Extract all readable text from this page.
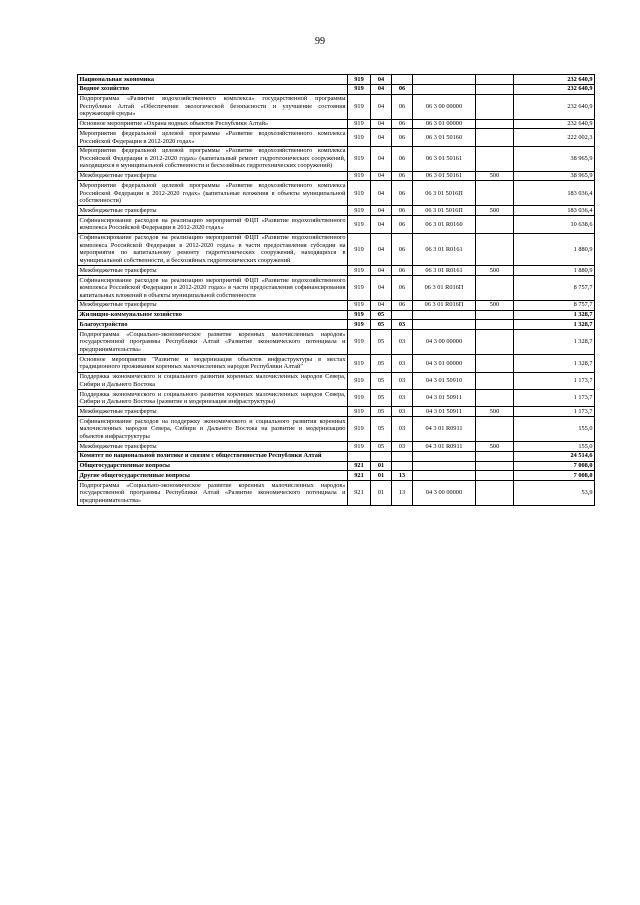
99
Национальная экономика	919	04				232 640,9
Водное хозяйство	919	04	06			232 640,9
Подпрограмма «Развитие водохозяйственного комплекса» государственной программы Республики Алтай «Обеспечение экологической безопасности и улучшение состояния окружающей среды»	919	04	06	06 3 00 00000		232 640,9
Основное мероприятие «Охрана водных объектов Республики Алтай»	919	04	06	06 3 01 00000		232 640,9
Мероприятия федеральной целевой программы «Развитие водохозяйственного комплекса Российской Федерации в 2012-2020 годах»	919	04	06	06 3 01 50160		222 002,3
Мероприятия федеральной целевой программы «Развитие водохозяйственного комплекса Российской Федерации в 2012-2020 годах» (капитальный ремонт гидротехнических сооружений, находящихся в муниципальной собственности и бесхозяйных гидротехнических сооружений)	919	04	06	06 3 01 50161		38 965,9
Межбюджетные трансферты	919	04	06	06 3 01 50161	500	38 965,9
Мероприятия федеральной целевой программы «Развитие водохозяйственного комплекса Российской Федерации в 2012-2020 годах» (капитальные вложения в объекты муниципальной собственности)	919	04	06	06 3 01 5016П		183 036,4
Межбюджетные трансферты	919	04	06	06 3 01 5016П	500	183 036,4
Софинансирование расходов на реализацию мероприятий ФЦП «Развитие водохозяйственного комплекса Российской Федерации в 2012-2020 годах»	919	04	06	06 3 01 R0160		10 638,6
Софинансирование расходов на реализацию мероприятий ФЦП «Развитие водохозяйственного комплекса Российской Федерации в 2012-2020 годах» в части предоставления субсидии на мероприятия по капитальному ремонту гидротехнических сооружений, находящихся в муниципальной собственности, и бесхозяйных гидротехнических сооружений	919	04	06	06 3 01 R0161		1 880,9
Межбюджетные трансферты	919	04	06	06 3 01 R0161	500	1 880,9
Софинансирование расходов на реализацию мероприятий ФЦП «Развитие водохозяйственного комплекса Российской Федерации в 2012-2020 годах» в части предоставления софинансирования капитальных вложений в объекты муниципальной собственности	919	04	06	06 3 01 R016П		8 757,7
Межбюджетные трансферты	919	04	06	06 3 01 R016П	500	8 757,7
Жилищно-коммунальное хозяйство	919	05				1 328,7
Благоустройство	919	05	03			1 328,7
Подпрограмма «Социально-экономическое развитие коренных малочисленных народов» государственной программы Республики Алтай «Развитие экономического потенциала и предпринимательства»	919	05	03	04 3 00 00000		1 328,7
Основное мероприятие "Развитие и модернизация объектов инфраструктуры в местах традиционного проживания коренных малочисленных народов Республики Алтай"	919	05	03	04 3 01 00000		1 328,7
Поддержка экономического и социального развития коренных малочисленных народов Севера, Сибири и Дальнего Востока	919	05	03	04 3 01 50910		1 173,7
Поддержка экономического и социального развития коренных малочисленных народов Севера, Сибири и Дальнего Востока (развитие и модернизация инфраструктуры)	919	05	03	04 3 01 50911		1 173,7
Межбюджетные трансферты	919	05	03	04 3 01 50911	500	1 173,7
Софинансирование расходов на поддержку экономического и социального развития коренных малочисленных народов Севера, Сибири и Дальнего Востока на развитие и модернизацию объектов инфраструктуры	919	05	03	04 3 01 R0911		155,0
Межбюджетные трансферты	919	05	03	04 3 01 R0911	500	155,0
Комитет по национальной политике и связям с общественностью Республики Алтай						24 514,6
Общегосударственные вопросы	921	01				7 008,0
Другие общегосударственные вопросы	921	01	13			7 008,0
Подпрограмма «Социально-экономическое развитие коренных малочисленных народов» государственной программы Республики Алтай «Развитие экономического потенциала и предпринимательства»	921	01	13	04 3 00 00000		53,9
